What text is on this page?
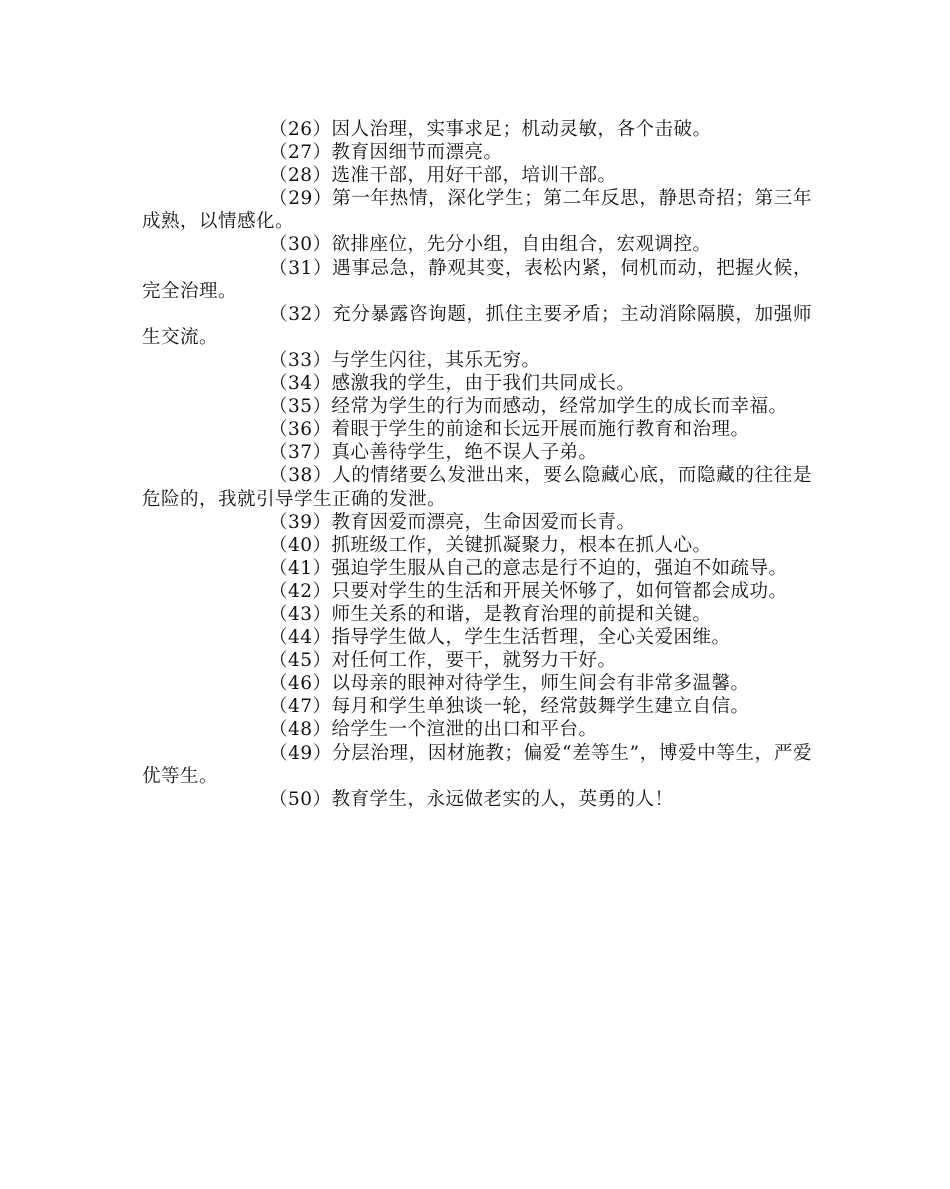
（26）因人治理，实事求足；机动灵敏，各个击破。

（27）教育因细节而漂亮。

（28）选准干部，用好干部，培训干部。

（29）第一年热情，深化学生；第二年反思，静思奇招；第三年成熟，以情感化。

（30）欲排座位，先分小组，自由组合，宏观调控。

（31）遇事忌急，静观其变，表松内紧，伺机而动，把握火候，完全治理。

（32）充分暴露咨询题，抓住主要矛盾；主动消除隔膜，加强师生交流。

（33）与学生闪往，其乐无穷。

（34）感激我的学生，由于我们共同成长。

（35）经常为学生的行为而感动，经常加学生的成长而幸福。

（36）着眼于学生的前途和长远开展而施行教育和治理。

（37）真心善待学生，绝不误人子弟。

（38）人的情绪要么发泄出来，要么隐藏心底，而隐藏的往往是危险的，我就引导学生正确的发泄。

（39）教育因爱而漂亮，生命因爱而长青。

（40）抓班级工作，关键抓凝聚力，根本在抓人心。

（41）强迫学生服从自己的意志是行不迫的，强迫不如疏导。

（42）只要对学生的生活和开展关怀够了，如何管都会成功。

（43）师生关系的和谐，是教育治理的前提和关键。

（44）指导学生做人，学生生活哲理，全心关爱困维。

（45）对任何工作，要干，就努力干好。

（46）以母亲的眼神对待学生，师生间会有非常多温馨。

（47）每月和学生单独谈一轮，经常鼓舞学生建立自信。

（48）给学生一个渲泄的出口和平台。

（49）分层治理，因材施教；偏爱“差等生”，博爱中等生，严爱优等生。

（50）教育学生，永远做老实的人，英勇的人！
